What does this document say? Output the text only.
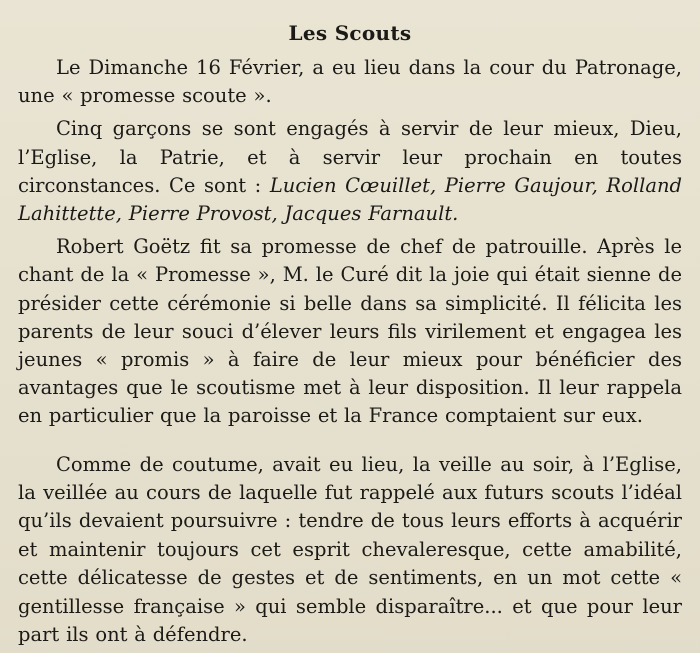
Les Scouts

Le Dimanche 16 Février, a eu lieu dans la cour du Patronage, une « promesse scoute ».

Cinq garçons se sont engagés à servir de leur mieux, Dieu, l’Eglise, la Patrie, et à servir leur prochain en toutes circonstances. Ce sont : Lucien Cœuillet, Pierre Gaujour, Rolland Lahittette, Pierre Provost, Jacques Farnault.

Robert Goëtz fit sa promesse de chef de patrouille. Après le chant de la « Promesse », M. le Curé dit la joie qui était sienne de présider cette cérémonie si belle dans sa simplicité. Il félicita les parents de leur souci d’élever leurs fils virilement et engagea les jeunes « promis » à faire de leur mieux pour bénéficier des avantages que le scoutisme met à leur disposition. Il leur rappela en particulier que la paroisse et la France comptaient sur eux.

Comme de coutume, avait eu lieu, la veille au soir, à l’Eglise, la veillée au cours de laquelle fut rappelé aux futurs scouts l’idéal qu’ils devaient poursuivre : tendre de tous leurs efforts à acquérir et maintenir toujours cet esprit chevaleresque, cette amabilité, cette délicatesse de gestes et de sentiments, en un mot cette « gentillesse française » qui semble disparaître... et que pour leur part ils ont à défendre.
